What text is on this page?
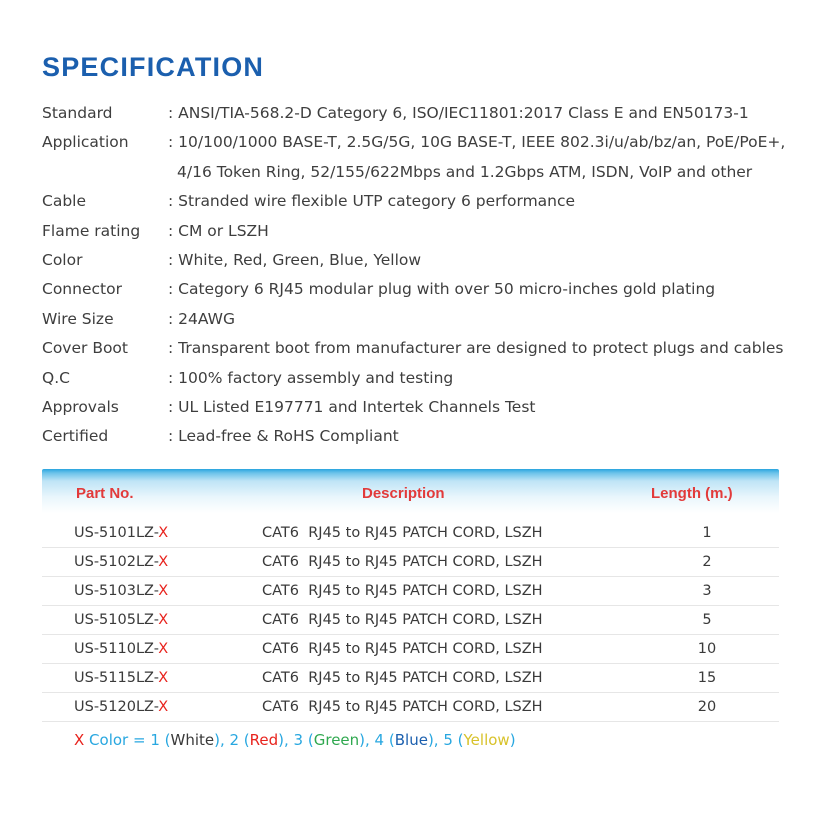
SPECIFICATION
Standard	: ANSI/TIA-568.2-D Category 6, ISO/IEC11801:2017 Class E and EN50173-1
Application	: 10/100/1000 BASE-T, 2.5G/5G, 10G BASE-T, IEEE 802.3i/u/ab/bz/an, PoE/PoE+,
4/16 Token Ring, 52/155/622Mbps and 1.2Gbps ATM, ISDN, VoIP and other
Cable	: Stranded wire flexible UTP category 6 performance
Flame rating	: CM or LSZH
Color	: White, Red, Green, Blue, Yellow
Connector	: Category 6 RJ45 modular plug with over 50 micro-inches gold plating
Wire Size	: 24AWG
Cover Boot	: Transparent boot from manufacturer are designed to protect plugs and cables
Q.C	: 100% factory assembly and testing
Approvals	: UL Listed E197771 and Intertek Channels Test
Certified	: Lead-free & RoHS Compliant
Part No.	Description	Length (m.)
US-5101LZ-X	CAT6  RJ45 to RJ45 PATCH CORD, LSZH	1
US-5102LZ-X	CAT6  RJ45 to RJ45 PATCH CORD, LSZH	2
US-5103LZ-X	CAT6  RJ45 to RJ45 PATCH CORD, LSZH	3
US-5105LZ-X	CAT6  RJ45 to RJ45 PATCH CORD, LSZH	5
US-5110LZ-X	CAT6  RJ45 to RJ45 PATCH CORD, LSZH	10
US-5115LZ-X	CAT6  RJ45 to RJ45 PATCH CORD, LSZH	15
US-5120LZ-X	CAT6  RJ45 to RJ45 PATCH CORD, LSZH	20
X Color = 1 (White), 2 (Red), 3 (Green), 4 (Blue), 5 (Yellow)
